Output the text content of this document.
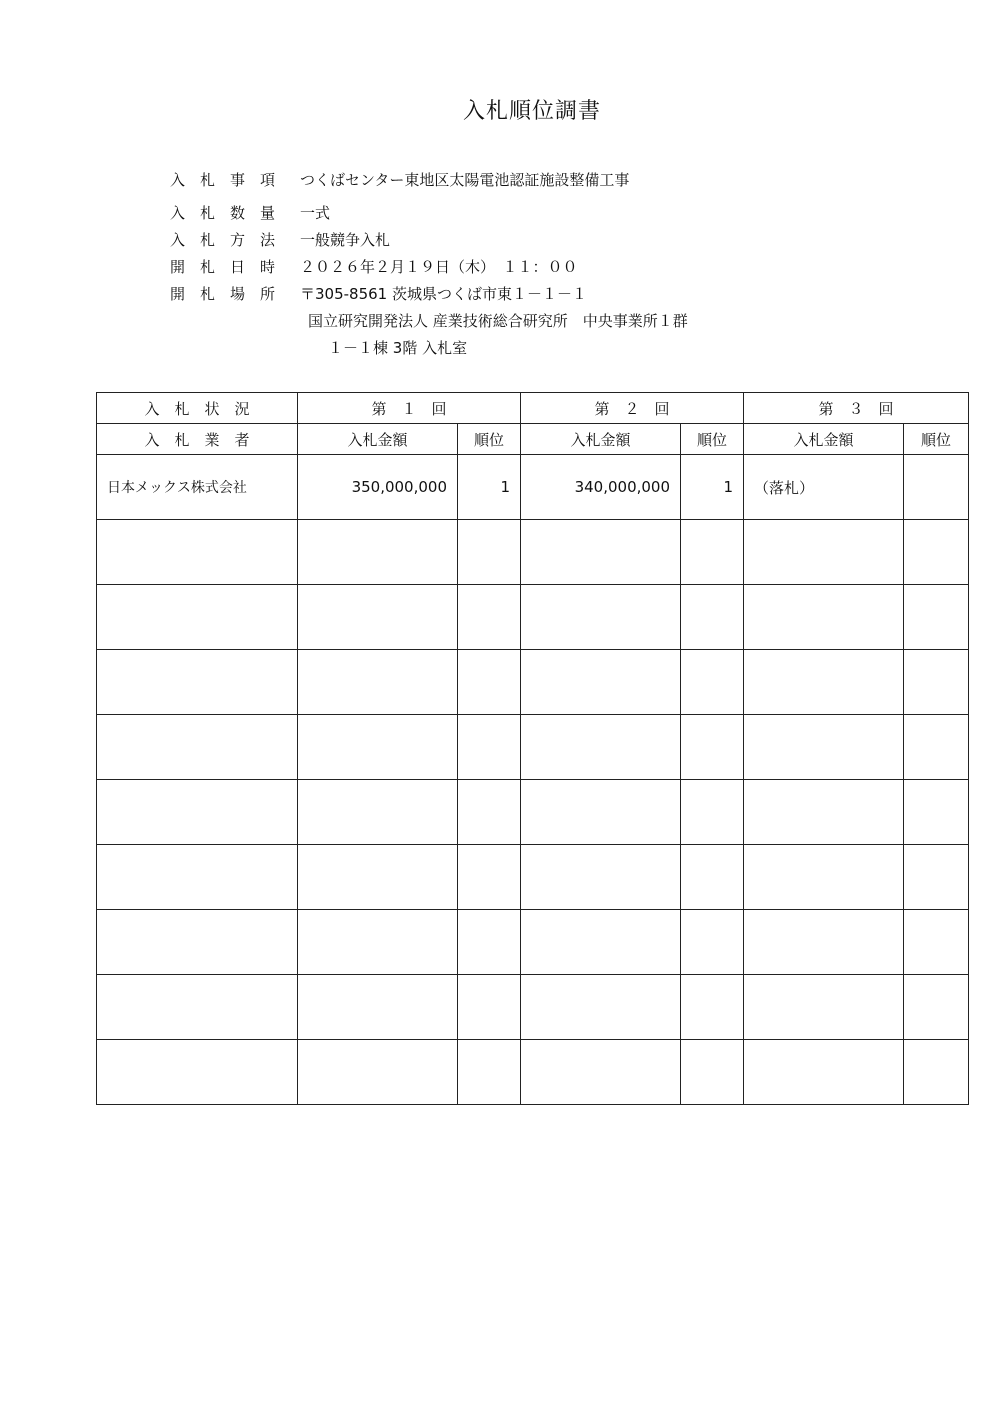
入札順位調書
入　札　事　項	つくばセンター東地区太陽電池認証施設整備工事
入　札　数　量	一式
入　札　方　法	一般競争入札
開　札　日　時	２０２６年２月１９日（木）　１１：００
開　札　場　所	〒305-8561 茨城県つくば市東１－１－１
国立研究開発法人 産業技術総合研究所　中央事業所１群
１－１棟 3階 入札室
入　札　状　況	第　１　回		第　２　回		第　３　回	
入　札　業　者	入札金額	順位	入札金額	順位	入札金額	順位
日本メックス株式会社	350,000,000	1	340,000,000	1	（落札）	
